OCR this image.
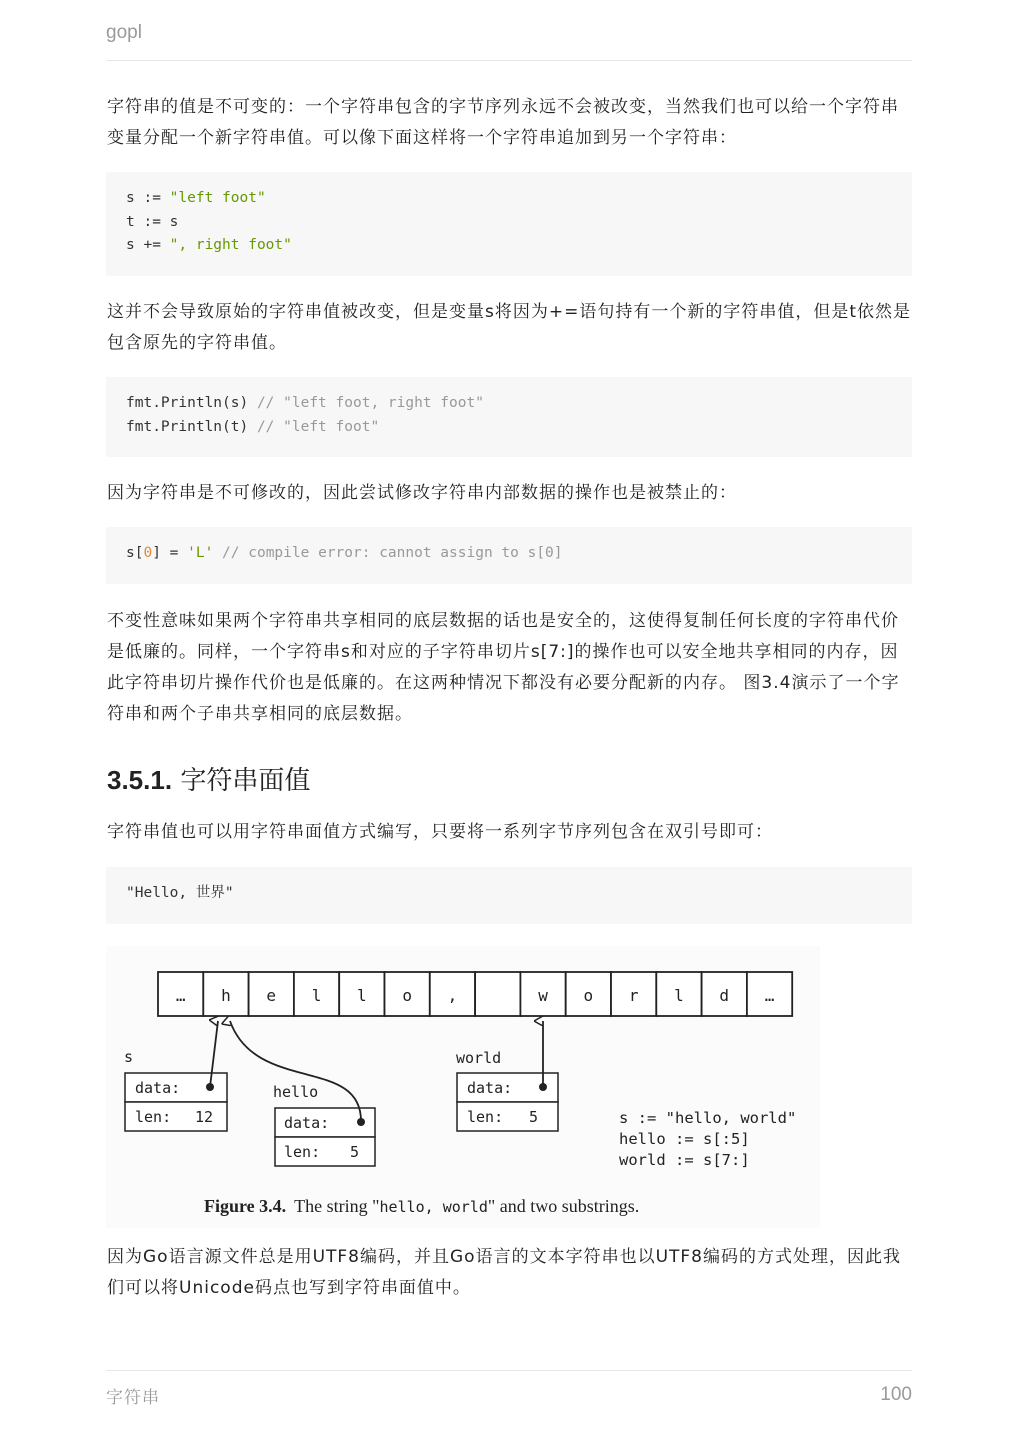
gopl
字符串的值是不可变的：一个字符串包含的字节序列永远不会被改变，当然我们也可以给一个字符串变量分配一个新字符串值。可以像下面这样将一个字符串追加到另一个字符串：
s := "left foot"
t := s
s += ", right foot"
这并不会导致原始的字符串值被改变，但是变量s将因为+=语句持有一个新的字符串值，但是t依然是包含原先的字符串值。
fmt.Println(s) // "left foot, right foot"
fmt.Println(t) // "left foot"
因为字符串是不可修改的，因此尝试修改字符串内部数据的操作也是被禁止的：
s[0] = 'L' // compile error: cannot assign to s[0]
不变性意味如果两个字符串共享相同的底层数据的话也是安全的，这使得复制任何长度的字符串代价是低廉的。同样，一个字符串s和对应的子字符串切片s[7:]的操作也可以安全地共享相同的内存，因此字符串切片操作代价也是低廉的。在这两种情况下都没有必要分配新的内存。 图3.4演示了一个字符串和两个子串共享相同的底层数据。
3.5.1. 字符串面值
字符串值也可以用字符串面值方式编写，只要将一系列字节序列包含在双引号即可：
"Hello, 世界"
… h e l l o ,	w o r l d …
s
hello
world
data:
len: 12	data:
len: 5
data:
len: 5	s := "hello, world"
hello := s[:5]
world := s[7:]
Figure 3.4. The string "hello, world" and two substrings.
因为Go语言源文件总是用UTF8编码，并且Go语言的文本字符串也以UTF8编码的方式处理，因此我们可以将Unicode码点也写到字符串面值中。
字符串	100
